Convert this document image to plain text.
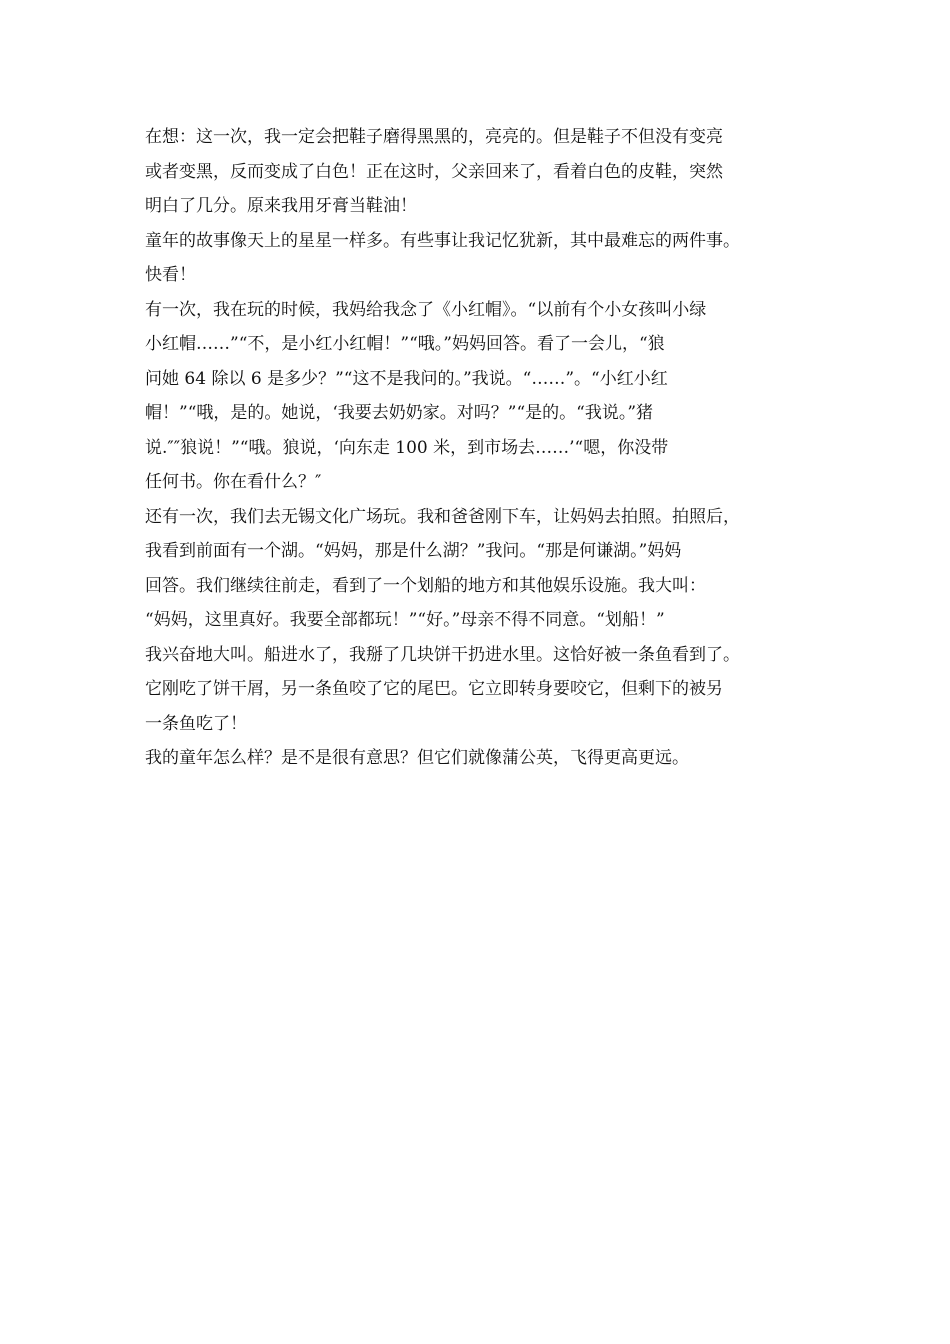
在想：这一次，我一定会把鞋子磨得黑黑的，亮亮的。但是鞋子不但没有变亮
或者变黑，反而变成了白色！正在这时，父亲回来了，看着白色的皮鞋，突然
明白了几分。原来我用牙膏当鞋油！

童年的故事像天上的星星一样多。有些事让我记忆犹新，其中最难忘的两件事。
快看！

有一次，我在玩的时候，我妈给我念了《小红帽》。“以前有个小女孩叫小绿
小红帽……”“不，是小红小红帽！”“哦。”妈妈回答。看了一会儿，“狼
问她 64 除以 6 是多少？”“这不是我问的。”我说。“……”。“小红小红
帽！”“哦，是的。她说，‘我要去奶奶家。对吗？”“是的。“我说。”猪
说.″″狼说！”“哦。狼说，‘向东走 100 米，到市场去……’“嗯，你没带
任何书。你在看什么？″

还有一次，我们去无锡文化广场玩。我和爸爸刚下车，让妈妈去拍照。拍照后，
我看到前面有一个湖。“妈妈，那是什么湖？”我问。“那是何谦湖。”妈妈
回答。我们继续往前走，看到了一个划船的地方和其他娱乐设施。我大叫：
“妈妈，这里真好。我要全部都玩！”“好。”母亲不得不同意。“划船！”
我兴奋地大叫。船进水了，我掰了几块饼干扔进水里。这恰好被一条鱼看到了。
它刚吃了饼干屑，另一条鱼咬了它的尾巴。它立即转身要咬它，但剩下的被另
一条鱼吃了！

我的童年怎么样？是不是很有意思？但它们就像蒲公英，飞得更高更远。
